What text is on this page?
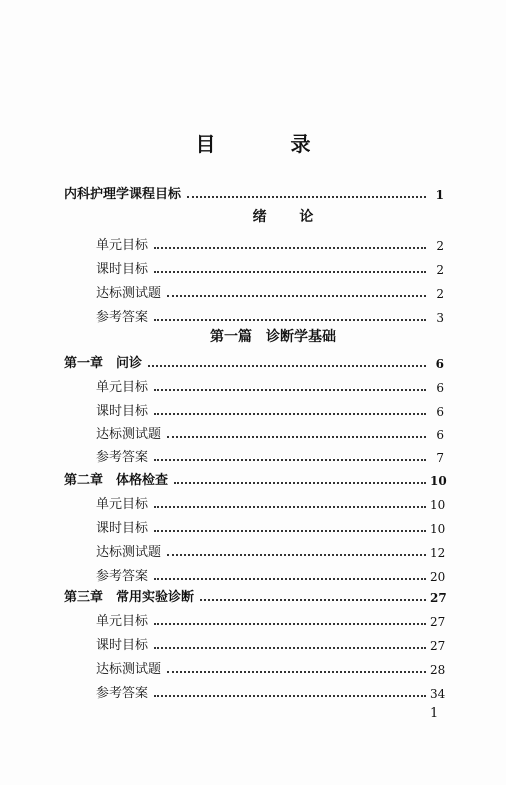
目 录
内科护理学课程目标	1
绪 论
单元目标	2
课时目标	2
达标测试题	2
参考答案	3
第一篇　诊断学基础
第一章　问诊	6
单元目标	6
课时目标	6
达标测试题	6
参考答案	7
第二章　体格检查	10
单元目标	10
课时目标	10
达标测试题	12
参考答案	20
第三章　常用实验诊断	27
单元目标	27
课时目标	27
达标测试题	28
参考答案	34
1
